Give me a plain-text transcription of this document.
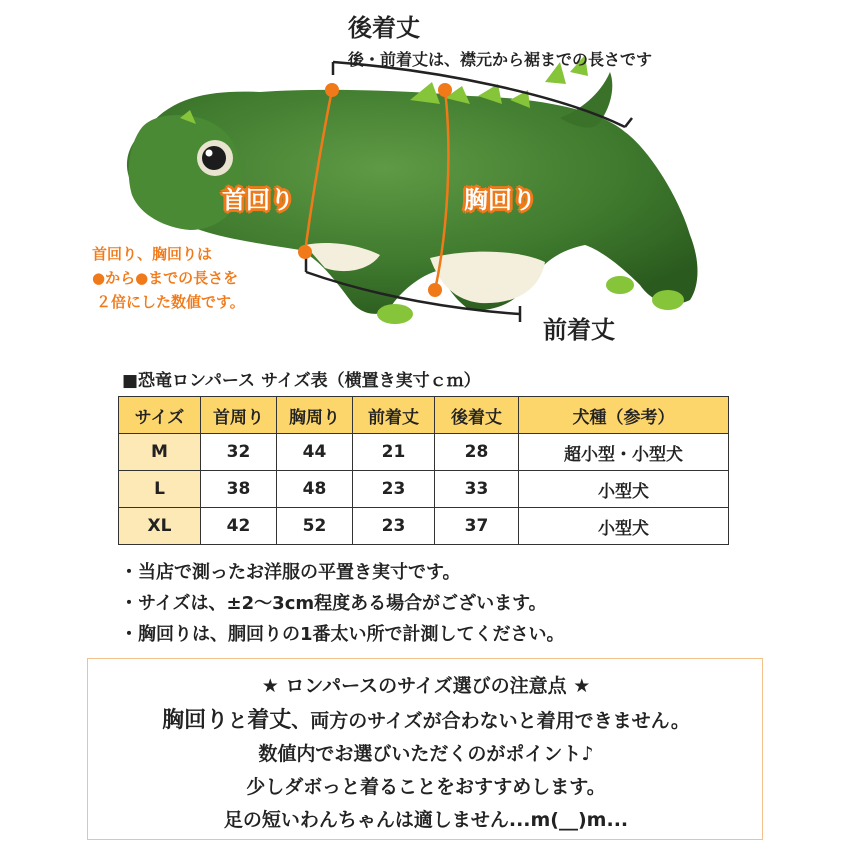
後着丈
後・前着丈は、襟元から裾までの長さです
首回り	胸回り
前着丈
首回り、胸回りは
●から●までの長さを
２倍にした数値です。
■恐竜ロンパース サイズ表（横置き実寸ｃｍ）
サイズ	首周り	胸周り	前着丈	後着丈	犬種（参考）
M	32	44	21	28	超小型・小型犬
L	38	48	23	33	小型犬
XL	42	52	23	37	小型犬
・当店で測ったお洋服の平置き実寸です。
・サイズは、±2〜3cm程度ある場合がございます。
・胸回りは、胴回りの1番太い所で計測してください。
★ ロンパースのサイズ選びの注意点 ★
胸回りと着丈、両方のサイズが合わないと着用できません。
数値内でお選びいただくのがポイント♪
少しダボっと着ることをおすすめします。
足の短いわんちゃんは適しません...m(__)m...
